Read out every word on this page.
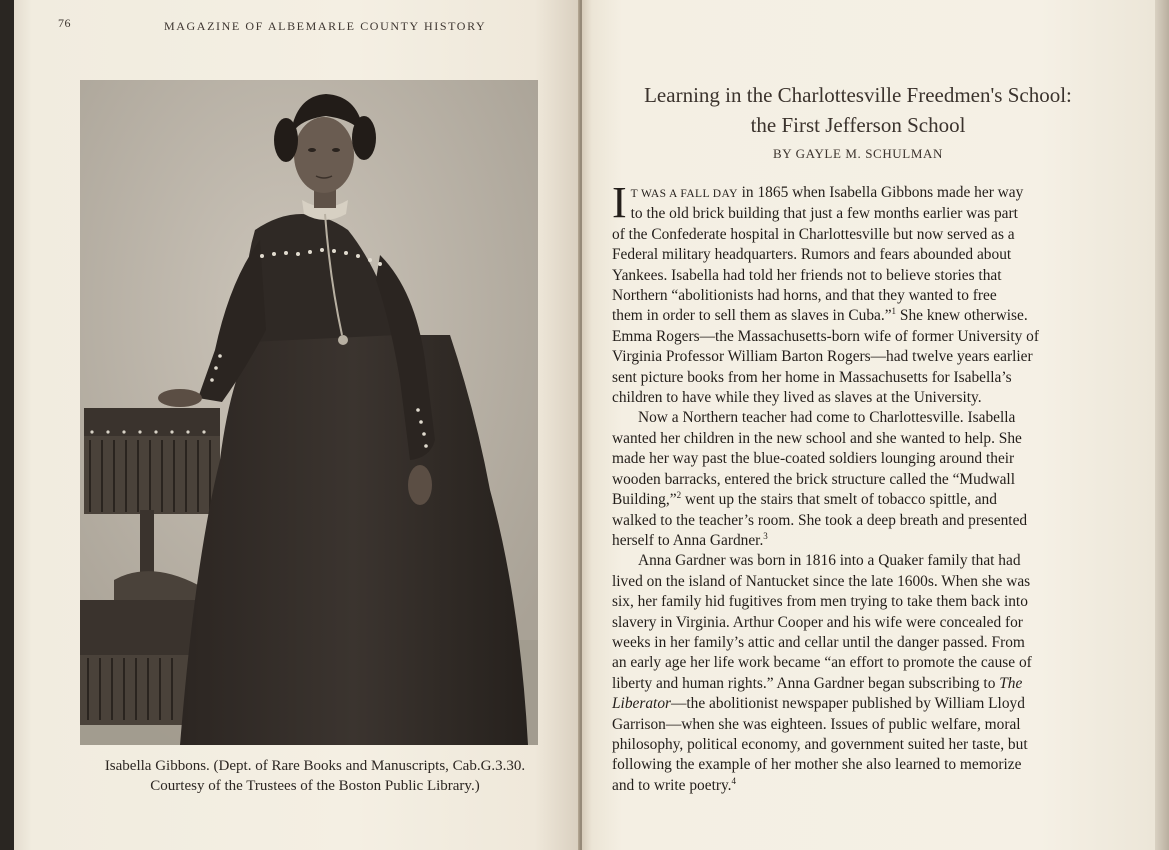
76	MAGAZINE OF ALBEMARLE COUNTY HISTORY
Isabella Gibbons. (Dept. of Rare Books and Manuscripts, Cab.G.3.30.
Courtesy of the Trustees of the Boston Public Library.)
Learning in the Charlottesville Freedmen's School:
the First Jefferson School
BY GAYLE M. SCHULMAN

I T WAS A FALL DAY in 1865 when Isabella Gibbons made her way
to the old brick building that just a few months earlier was part
of the Confederate hospital in Charlottesville but now served as a
Federal military headquarters. Rumors and fears abounded about
Yankees. Isabella had told her friends not to believe stories that
Northern “abolitionists had horns, and that they wanted to free
them in order to sell them as slaves in Cuba.”$^1$ She knew otherwise.
Emma Rogers—the Massachusetts-born wife of former University of
Virginia Professor William Barton Rogers—had twelve years earlier
sent picture books from her home in Massachusetts for Isabella’s
children to have while they lived as slaves at the University.

Now a Northern teacher had come to Charlottesville. Isabella
wanted her children in the new school and she wanted to help. She
made her way past the blue-coated soldiers lounging around their
wooden barracks, entered the brick structure called the “Mudwall
Building,”$^2$ went up the stairs that smelt of tobacco spittle, and
walked to the teacher’s room. She took a deep breath and presented
herself to Anna Gardner.$^3$

Anna Gardner was born in 1816 into a Quaker family that had
lived on the island of Nantucket since the late 1600s. When she was
six, her family hid fugitives from men trying to take them back into
slavery in Virginia. Arthur Cooper and his wife were concealed for
weeks in her family’s attic and cellar until the danger passed. From
an early age her life work became “an effort to promote the cause of
liberty and human rights.” Anna Gardner began subscribing to The
Liberator—the abolitionist newspaper published by William Lloyd
Garrison—when she was eighteen. Issues of public welfare, moral
philosophy, political economy, and government suited her taste, but
following the example of her mother she also learned to memorize
and to write poetry.$^4$
